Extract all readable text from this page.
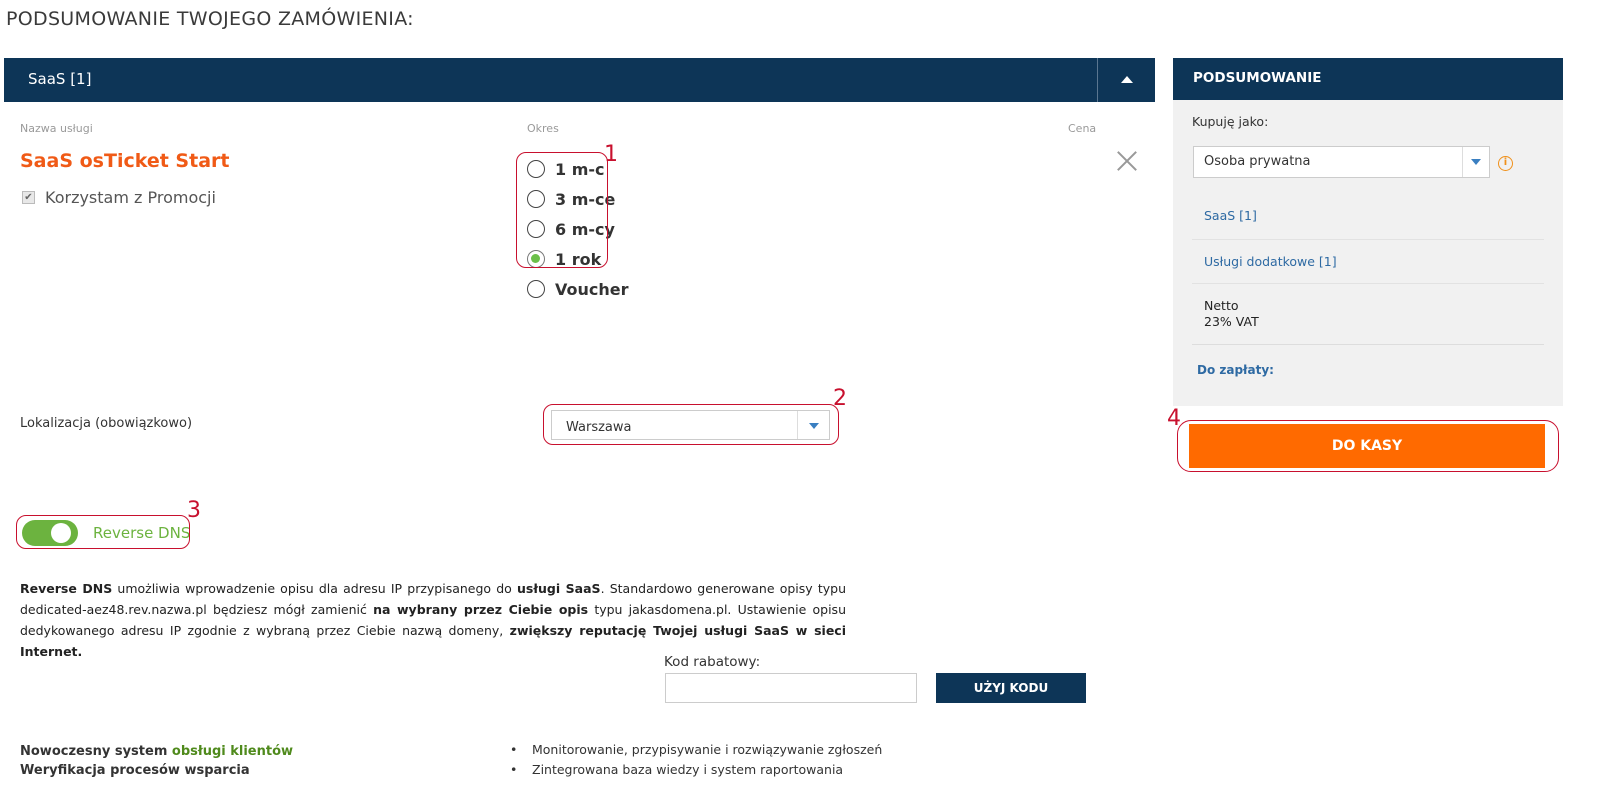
PODSUMOWANIE TWOJEGO ZAMÓWIENIA:
SaaS [1]
Nazwa usługi	Okres	Cena
SaaS osTicket Start
✔ Korzystam z Promocji
1 m-c
3 m-ce
6 m-cy
1 rok
Voucher
1
Lokalizacja (obowiązkowo)	Warszawa
2
Reverse DNS
3
Reverse DNS umożliwia wprowadzenie opisu dla adresu IP przypisanego do usługi SaaS. Standardowo generowane opisy typu dedicated-aez48.rev.nazwa.pl będziesz mógł zamienić na wybrany przez Ciebie opis typu jakasdomena.pl. Ustawienie opisu dedykowanego adresu IP zgodnie z wybraną przez Ciebie nazwą domeny, zwiększy reputację Twojej usługi SaaS w sieci Internet.
Kod rabatowy:
UŻYJ KODU
Nowoczesny system obsługi klientów
Weryfikacja procesów wsparcia
• Monitorowanie, przypisywanie i rozwiązywanie zgłoszeń
• Zintegrowana baza wiedzy i system raportowania
PODSUMOWANIE
Kupuję jako:
Osoba prywatna	i
SaaS [1]
Usługi dodatkowe [1]
Netto
23% VAT
Do zapłaty:
DO KASY
4
